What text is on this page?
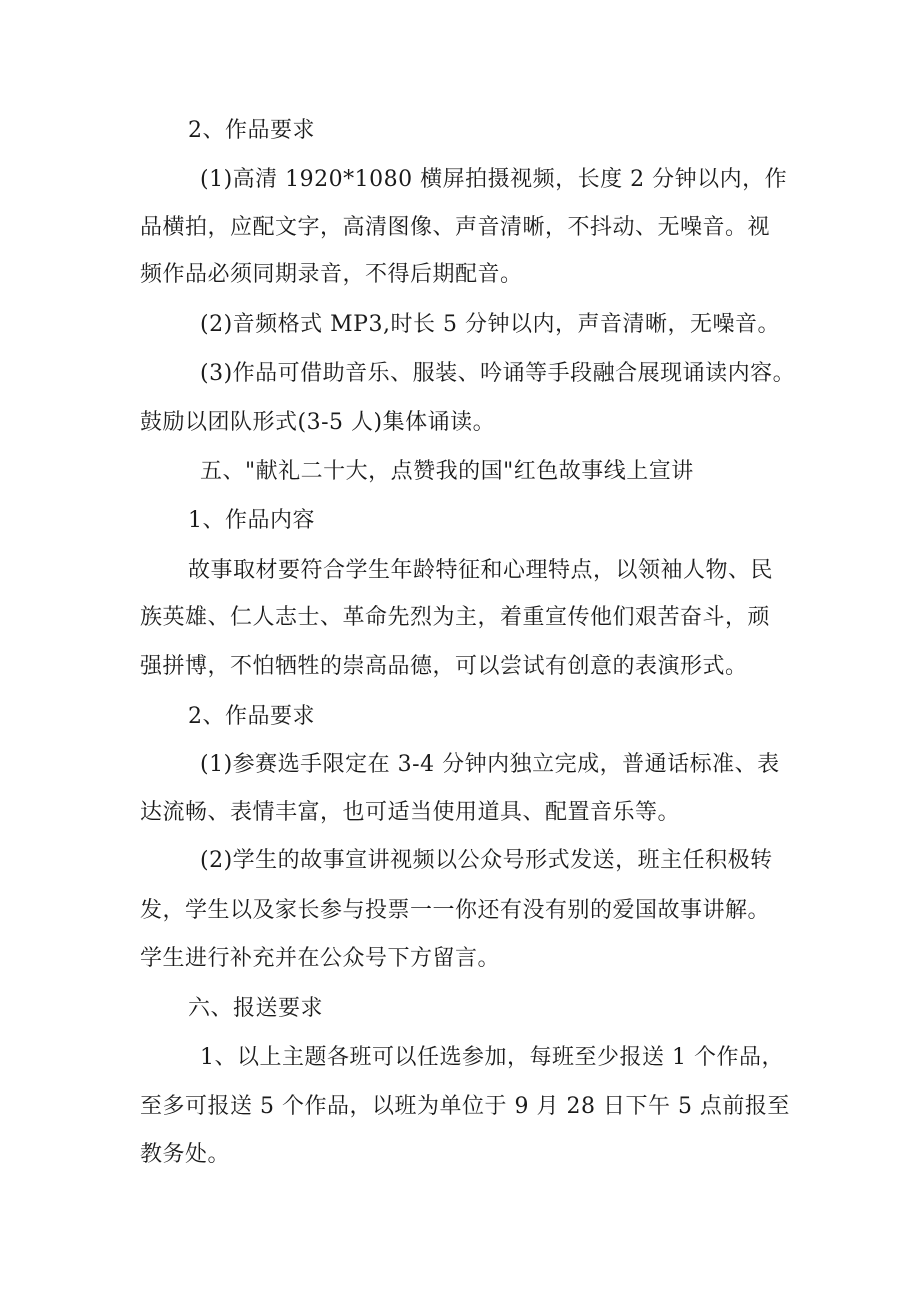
2、作品要求
(1)高清 1920*1080 横屏拍摄视频，长度 2 分钟以内，作
品横拍，应配文字，高清图像、声音清晰，不抖动、无噪音。视
频作品必须同期录音，不得后期配音。
(2)音频格式 MP3,时长 5 分钟以内，声音清晰，无噪音。
(3)作品可借助音乐、服装、吟诵等手段融合展现诵读内容。
鼓励以团队形式(3-5 人)集体诵读。
五、"献礼二十大，点赞我的国"红色故事线上宣讲
1、作品内容
故事取材要符合学生年龄特征和心理特点，以领袖人物、民
族英雄、仁人志士、革命先烈为主，着重宣传他们艰苦奋斗，顽
强拼博，不怕牺牲的崇高品德，可以尝试有创意的表演形式。
2、作品要求
(1)参赛选手限定在 3-4 分钟内独立完成，普通话标准、表
达流畅、表情丰富，也可适当使用道具、配置音乐等。
(2)学生的故事宣讲视频以公众号形式发送，班主任积极转
发，学生以及家长参与投票一一你还有没有别的爱国故事讲解。
学生进行补充并在公众号下方留言。
六、报送要求
1、以上主题各班可以任选参加，每班至少报送 1 个作品，
至多可报送 5 个作品，以班为单位于 9 月 28 日下午 5 点前报至
教务处。
